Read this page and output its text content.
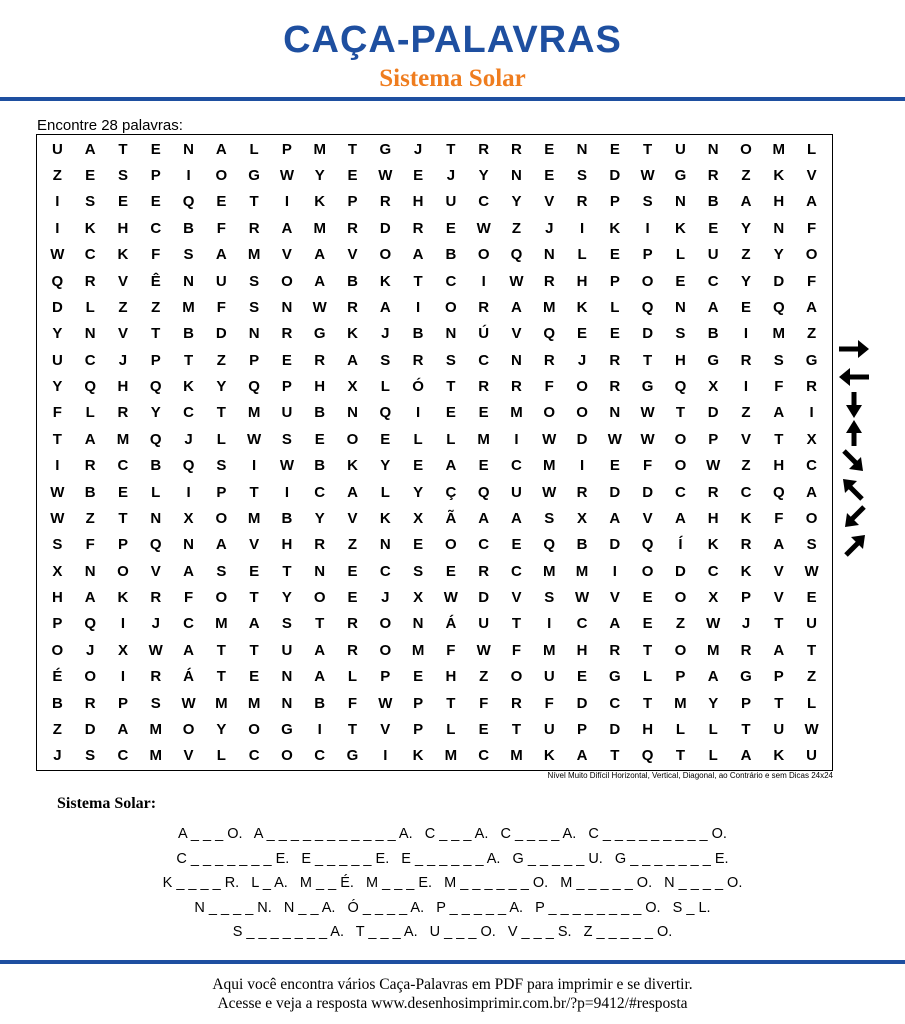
CAÇA-PALAVRAS
Sistema Solar
Encontre 28 palavras:
U	A	T	E	N	A	L	P	M	T	G	J	T	R	R	E	N	E	T	U	N	O	M	L
Z	E	S	P	I	O	G	W	Y	E	W	E	J	Y	N	E	S	D	W	G	R	Z	K	V
I	S	E	E	Q	E	T	I	K	P	R	H	U	C	Y	V	R	P	S	N	B	A	H	A
I	K	H	C	B	F	R	A	M	R	D	R	E	W	Z	J	I	K	I	K	E	Y	N	F
W	C	K	F	S	A	M	V	A	V	O	A	B	O	Q	N	L	E	P	L	U	Z	Y	O
Q	R	V	Ê	N	U	S	O	A	B	K	T	C	I	W	R	H	P	O	E	C	Y	D	F
D	L	Z	Z	M	F	S	N	W	R	A	I	O	R	A	M	K	L	Q	N	A	E	Q	A
Y	N	V	T	B	D	N	R	G	K	J	B	N	Ú	V	Q	E	E	D	S	B	I	M	Z
U	C	J	P	T	Z	P	E	R	A	S	R	S	C	N	R	J	R	T	H	G	R	S	G
Y	Q	H	Q	K	Y	Q	P	H	X	L	Ó	T	R	R	F	O	R	G	Q	X	I	F	R
F	L	R	Y	C	T	M	U	B	N	Q	I	E	E	M	O	O	N	W	T	D	Z	A	I
T	A	M	Q	J	L	W	S	E	O	E	L	L	M	I	W	D	W	W	O	P	V	T	X
I	R	C	B	Q	S	I	W	B	K	Y	E	A	E	C	M	I	E	F	O	W	Z	H	C
W	B	E	L	I	P	T	I	C	A	L	Y	Ç	Q	U	W	R	D	D	C	R	C	Q	A
W	Z	T	N	X	O	M	B	Y	V	K	X	Ã	A	A	S	X	A	V	A	H	K	F	O
S	F	P	Q	N	A	V	H	R	Z	N	E	O	C	E	Q	B	D	Q	Í	K	R	A	S
X	N	O	V	A	S	E	T	N	E	C	S	E	R	C	M	M	I	O	D	C	K	V	W
H	A	K	R	F	O	T	Y	O	E	J	X	W	D	V	S	W	V	E	O	X	P	V	E
P	Q	I	J	C	M	A	S	T	R	O	N	Á	U	T	I	C	A	E	Z	W	J	T	U
O	J	X	W	A	T	T	U	A	R	O	M	F	W	F	M	H	R	T	O	M	R	A	T
É	O	I	R	Á	T	E	N	A	L	P	E	H	Z	O	U	E	G	L	P	A	G	P	Z
B	R	P	S	W	M	M	N	B	F	W	P	T	F	R	F	D	C	T	M	Y	P	T	L
Z	D	A	M	O	Y	O	G	I	T	V	P	L	E	T	U	P	D	H	L	L	T	U	W
J	S	C	M	V	L	C	O	C	G	I	K	M	C	M	K	A	T	Q	T	L	A	K	U
Nível Muito Difícil Horizontal, Vertical, Diagonal, ao Contrário e sem Dicas 24x24
Sistema Solar:
A _ _ _ O.   A _ _ _ _ _ _ _ _ _ _ _ A.   C _ _ _ A.   C _ _ _ _ A.   C _ _ _ _ _ _ _ _ _ O.
C _ _ _ _ _ _ _ E.   E _ _ _ _ _ E.   E _ _ _ _ _ _ A.   G _ _ _ _ _ U.   G _ _ _ _ _ _ _ E.
K _ _ _ _ R.   L _ A.   M _ _ É.   M _ _ _ E.   M _ _ _ _ _ _ O.   M _ _ _ _ _ O.   N _ _ _ _ O.
N _ _ _ _ N.   N _ _ A.   Ó _ _ _ _ A.   P _ _ _ _ _ A.   P _ _ _ _ _ _ _ _ O.   S _ L.
S _ _ _ _ _ _ _ A.   T _ _ _ A.   U _ _ _ O.   V _ _ _ S.   Z _ _ _ _ _ O.
Aqui você encontra vários Caça-Palavras em PDF para imprimir e se divertir.
Acesse e veja a resposta www.desenhosimprimir.com.br/?p=9412/#resposta
